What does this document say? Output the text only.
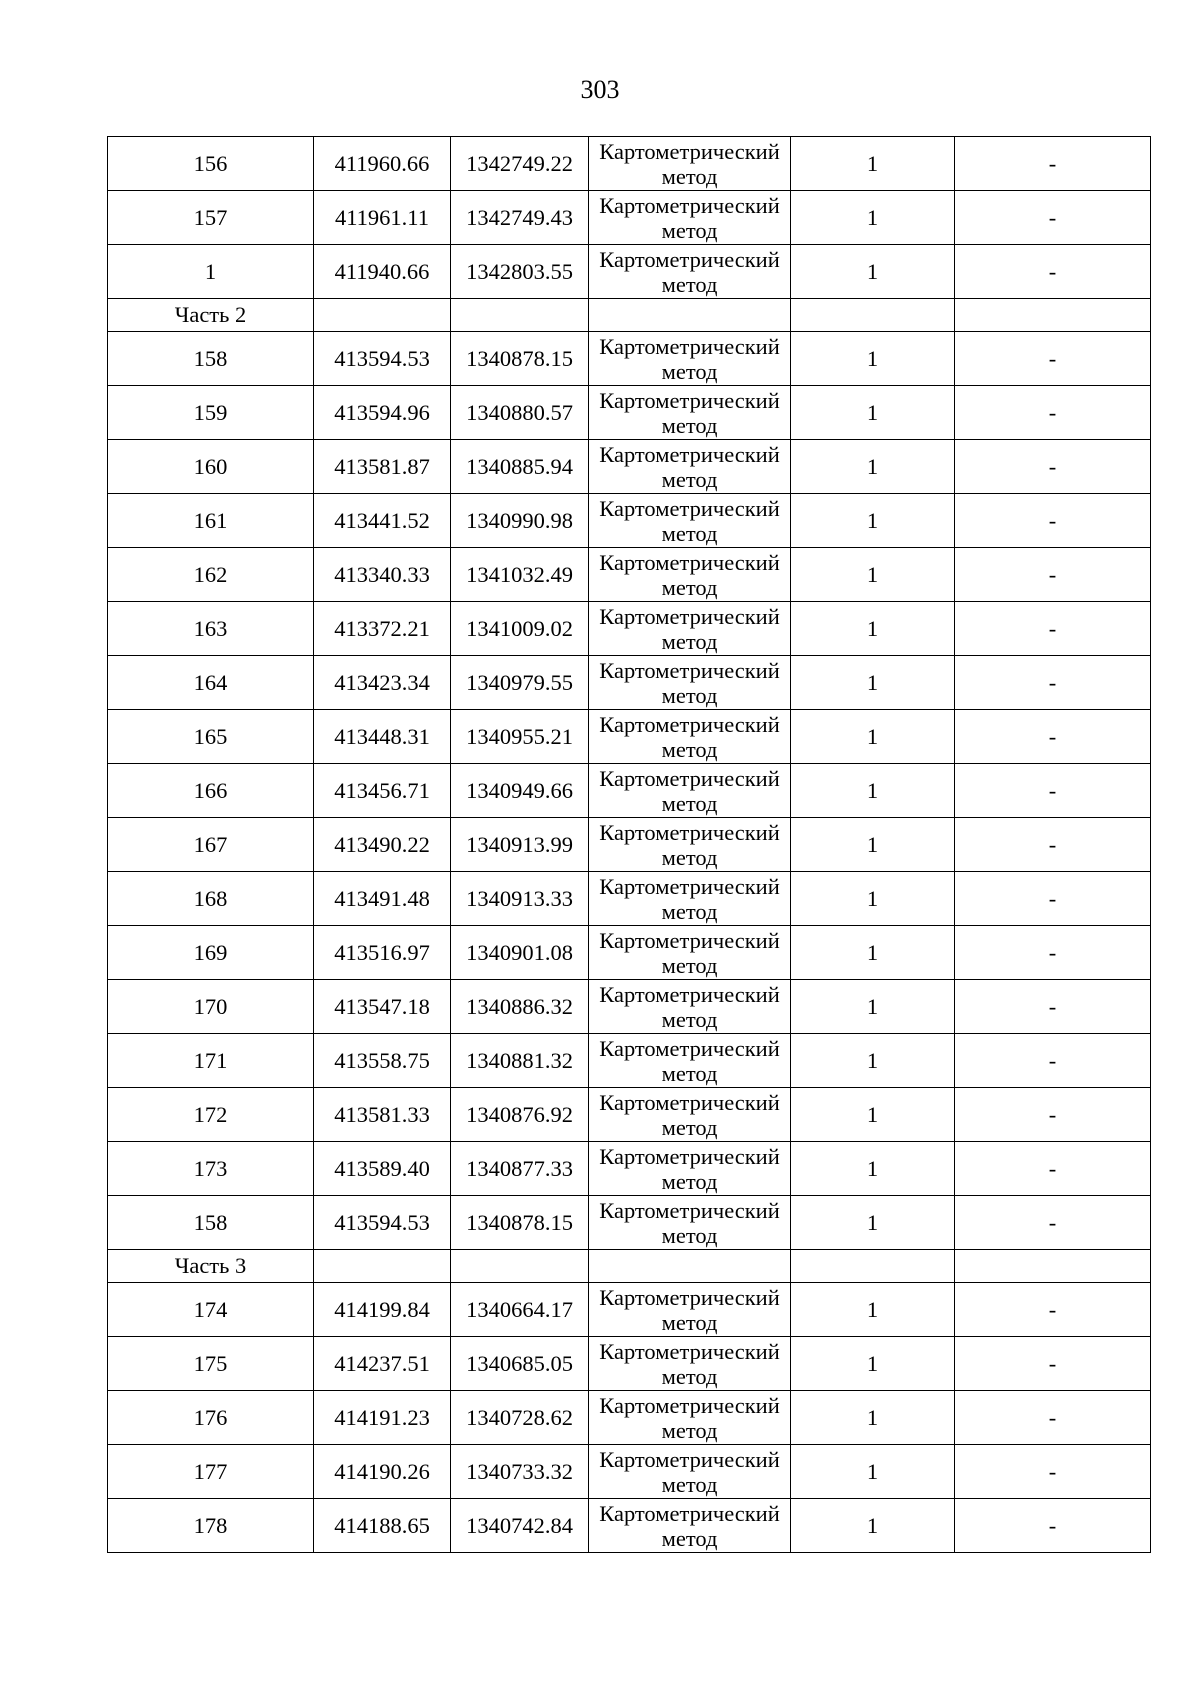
303
156	411960.66	1342749.22	Картометрический
метод	1	-
157	411961.11	1342749.43	Картометрический
метод	1	-
1	411940.66	1342803.55	Картометрический
метод	1	-
Часть 2					
158	413594.53	1340878.15	Картометрический
метод	1	-
159	413594.96	1340880.57	Картометрический
метод	1	-
160	413581.87	1340885.94	Картометрический
метод	1	-
161	413441.52	1340990.98	Картометрический
метод	1	-
162	413340.33	1341032.49	Картометрический
метод	1	-
163	413372.21	1341009.02	Картометрический
метод	1	-
164	413423.34	1340979.55	Картометрический
метод	1	-
165	413448.31	1340955.21	Картометрический
метод	1	-
166	413456.71	1340949.66	Картометрический
метод	1	-
167	413490.22	1340913.99	Картометрический
метод	1	-
168	413491.48	1340913.33	Картометрический
метод	1	-
169	413516.97	1340901.08	Картометрический
метод	1	-
170	413547.18	1340886.32	Картометрический
метод	1	-
171	413558.75	1340881.32	Картометрический
метод	1	-
172	413581.33	1340876.92	Картометрический
метод	1	-
173	413589.40	1340877.33	Картометрический
метод	1	-
158	413594.53	1340878.15	Картометрический
метод	1	-
Часть 3					
174	414199.84	1340664.17	Картометрический
метод	1	-
175	414237.51	1340685.05	Картометрический
метод	1	-
176	414191.23	1340728.62	Картометрический
метод	1	-
177	414190.26	1340733.32	Картометрический
метод	1	-
178	414188.65	1340742.84	Картометрический
метод	1	-
